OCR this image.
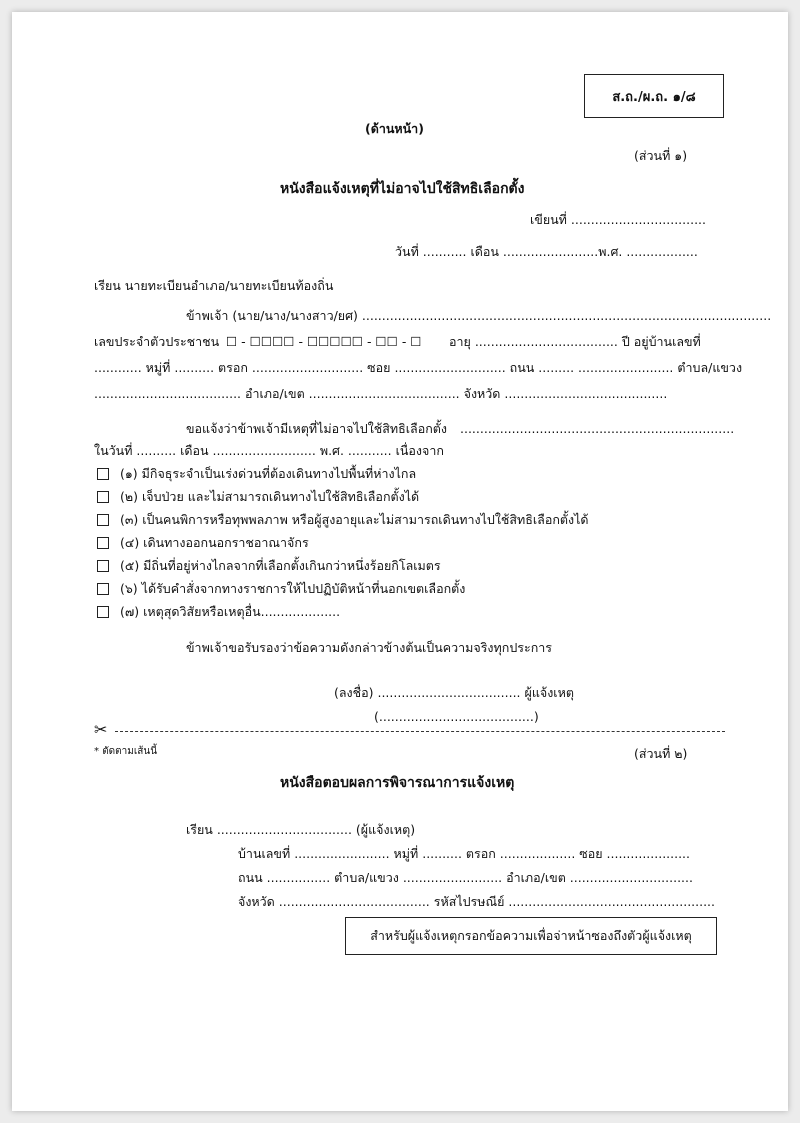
ส.ถ./ผ.ถ. ๑/๘
(ด้านหน้า)
(ส่วนที่ ๑)
หนังสือแจ้งเหตุที่ไม่อาจไปใช้สิทธิเลือกตั้ง
เขียนที่ ..................................
วันที่ ........... เดือน ........................พ.ศ. ..................
เรียน นายทะเบียนอำเภอ/นายทะเบียนท้องถิ่น
ข้าพเจ้า (นาย/นาง/นางสาว/ยศ) .......................................................................................................
เลขประจำตัวประชาชน ☐ - ☐☐☐☐ - ☐☐☐☐☐ - ☐☐ - ☐ อายุ .................................... ปี อยู่บ้านเลขที่
............ หมู่ที่ .......... ตรอก ............................ ซอย ............................ ถนน ......... ........................ ตำบล/แขวง
..................................... อำเภอ/เขต ...................................... จังหวัด .........................................
ขอแจ้งว่าข้าพเจ้ามีเหตุที่ไม่อาจไปใช้สิทธิเลือกตั้ง .....................................................................
ในวันที่ .......... เดือน .......................... พ.ศ. ........... เนื่องจาก
(๑) มีกิจธุระจำเป็นเร่งด่วนที่ต้องเดินทางไปพื้นที่ห่างไกล
(๒) เจ็บป่วย และไม่สามารถเดินทางไปใช้สิทธิเลือกตั้งได้
(๓) เป็นคนพิการหรือทุพพลภาพ หรือผู้สูงอายุและไม่สามารถเดินทางไปใช้สิทธิเลือกตั้งได้
(๔) เดินทางออกนอกราชอาณาจักร
(๕) มีถิ่นที่อยู่ห่างไกลจากที่เลือกตั้งเกินกว่าหนึ่งร้อยกิโลเมตร
(๖) ได้รับคำสั่งจากทางราชการให้ไปปฏิบัติหน้าที่นอกเขตเลือกตั้ง
(๗) เหตุสุดวิสัยหรือเหตุอื่น....................
ข้าพเจ้าขอรับรองว่าข้อความดังกล่าวข้างต้นเป็นความจริงทุกประการ
(ลงชื่อ) .................................... ผู้แจ้งเหตุ
(.......................................)
✂
* ตัดตามเส้นนี้	(ส่วนที่ ๒)
หนังสือตอบผลการพิจารณาการแจ้งเหตุ
เรียน .................................. (ผู้แจ้งเหตุ)
บ้านเลขที่ ........................ หมู่ที่ .......... ตรอก ................... ซอย .....................
ถนน ................ ตำบล/แขวง ......................... อำเภอ/เขต ...............................
จังหวัด ...................................... รหัสไปรษณีย์ ....................................................
สำหรับผู้แจ้งเหตุกรอกข้อความเพื่อจ่าหน้าซองถึงตัวผู้แจ้งเหตุ
